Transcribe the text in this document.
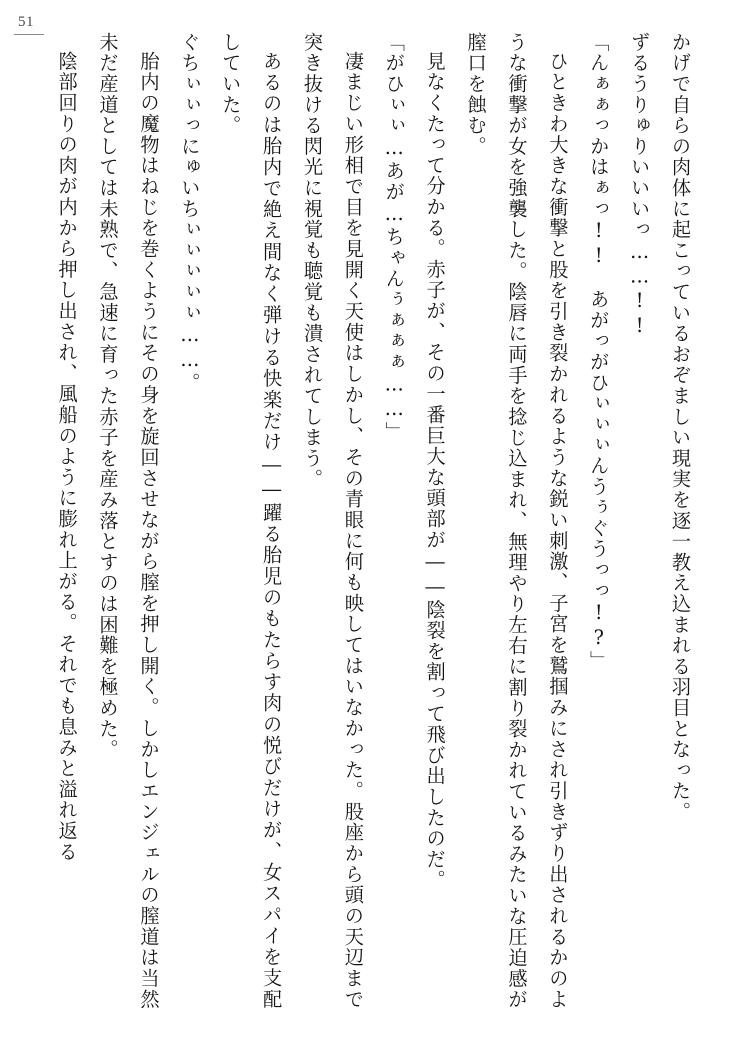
51

かげで自らの肉体に起こっているおぞましい現実を逐一教え込まれる羽目となった。

ずるうりゅりいいいっ……!!

「んぁぁっかはぁっ!!　あがっがひぃぃぃんうぅぐうっっ!?」

ひときわ大きな衝撃と股を引き裂かれるような鋭い刺激、子宮を鷲掴みにされ引きずり出されるかのような衝撃が女を強襲した。陰唇に両手を捻じ込まれ、無理やり左右に割り裂かれているみたいな圧迫感が膣口を蝕む。

見なくたって分かる。赤子が、その一番巨大な頭部が――陰裂を割って飛び出したのだ。

「がひぃぃ…あが…ちゃんぅぁぁぁ……」

凄まじい形相で目を見開く天使はしかし、その青眼に何も映してはいなかった。股座から頭の天辺まで突き抜ける閃光に視覚も聴覚も潰されてしまう。

あるのは胎内で絶え間なく弾ける快楽だけ――躍る胎児のもたらす肉の悦びだけが、女スパイを支配していた。

ぐちぃぃっにゅいちぃぃぃぃぃ……。

胎内の魔物はねじを巻くようにその身を旋回させながら膣を押し開く。しかしエンジェルの膣道は当然未だ産道としては未熟で、急速に育った赤子を産み落とすのは困難を極めた。

陰部回りの肉が内から押し出され、風船のように膨れ上がる。それでも息みと溢れ返る
